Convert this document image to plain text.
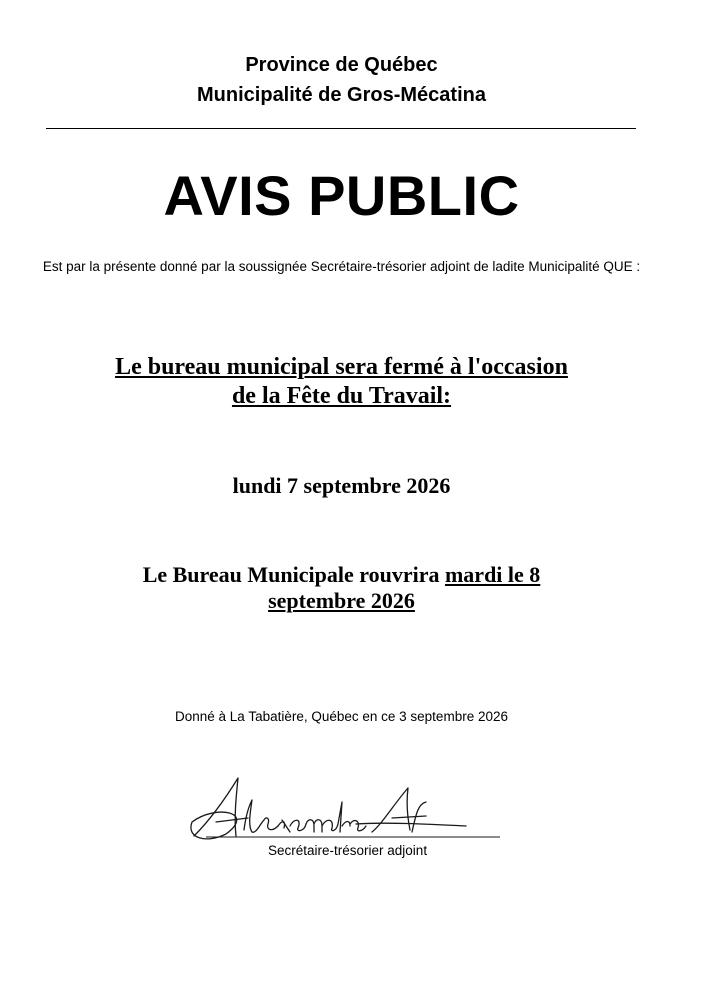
Province de Québec
Municipalité de Gros-Mécatina
AVIS PUBLIC
Est par la présente donné par la soussignée Secrétaire-trésorier adjoint de ladite Municipalité QUE :
Le bureau municipal sera fermé à l'occasion
de la Fête du Travail:
lundi 7 septembre 2026
Le Bureau Municipale rouvrira mardi le 8
septembre 2026
Donné à La Tabatière, Québec en ce 3 septembre 2026
Secrétaire-trésorier adjoint
